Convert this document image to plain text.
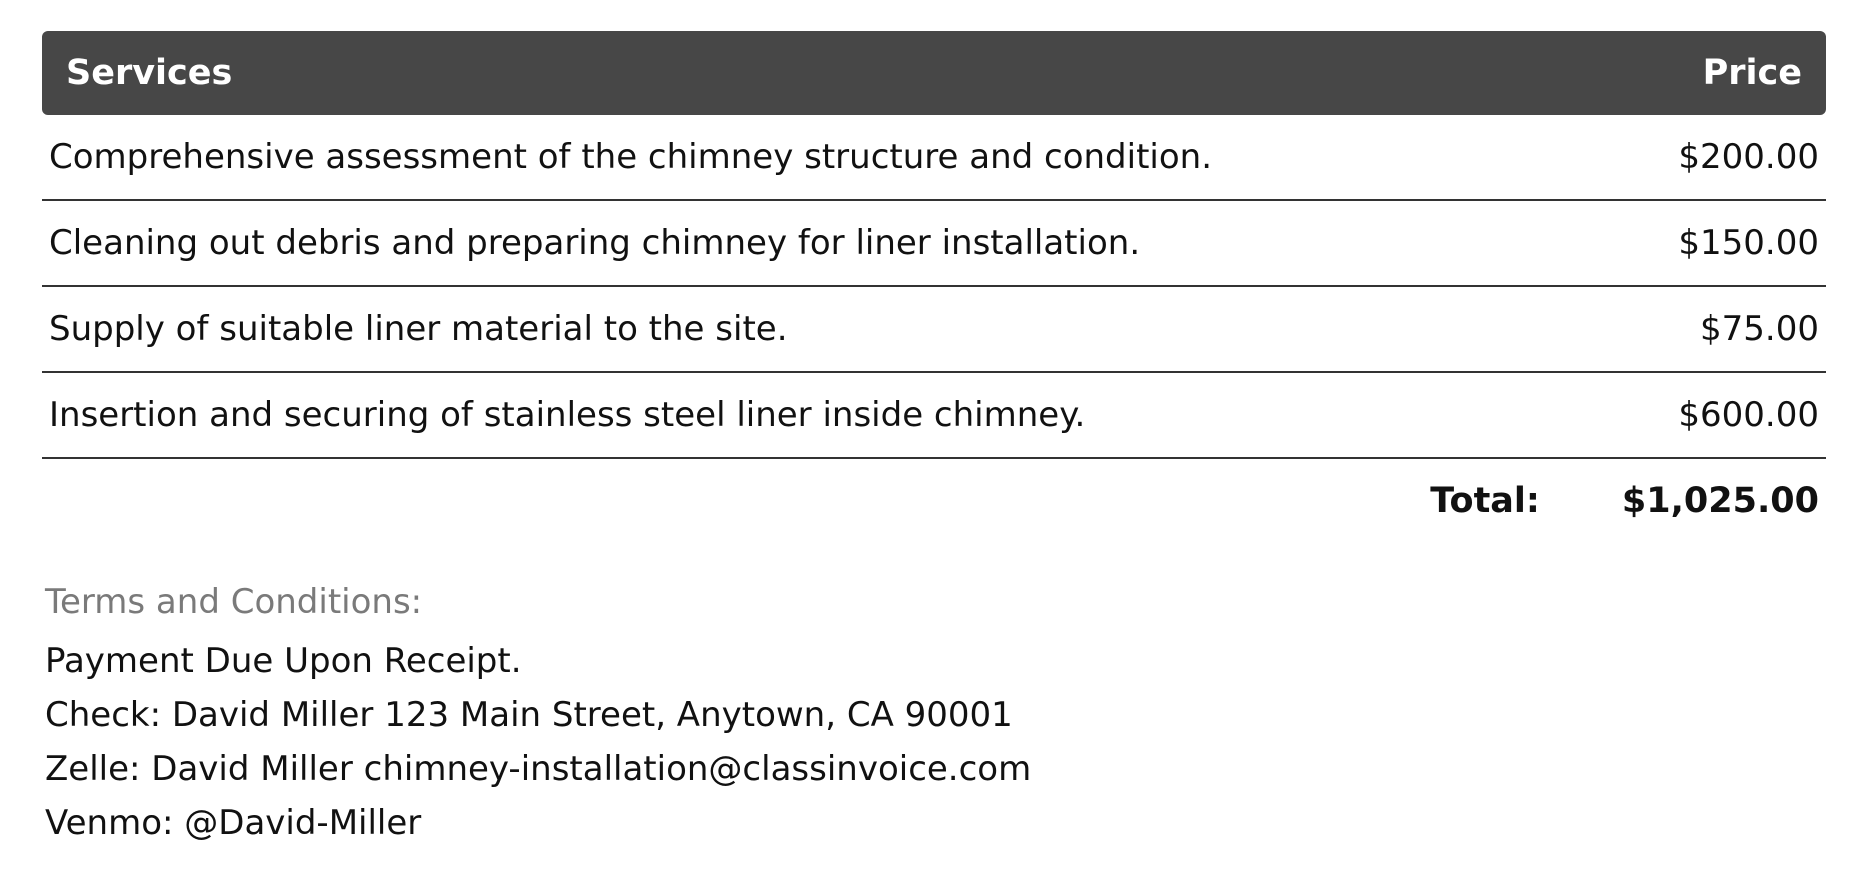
Services	Price
Comprehensive assessment of the chimney structure and condition.	$200.00
Cleaning out debris and preparing chimney for liner installation.	$150.00
Supply of suitable liner material to the site.	$75.00
Insertion and securing of stainless steel liner inside chimney.	$600.00
Total: $1,025.00
Terms and Conditions:
Payment Due Upon Receipt.
Check: David Miller 123 Main Street, Anytown, CA 90001
Zelle: David Miller chimney-installation@classinvoice.com
Venmo: @David-Miller
